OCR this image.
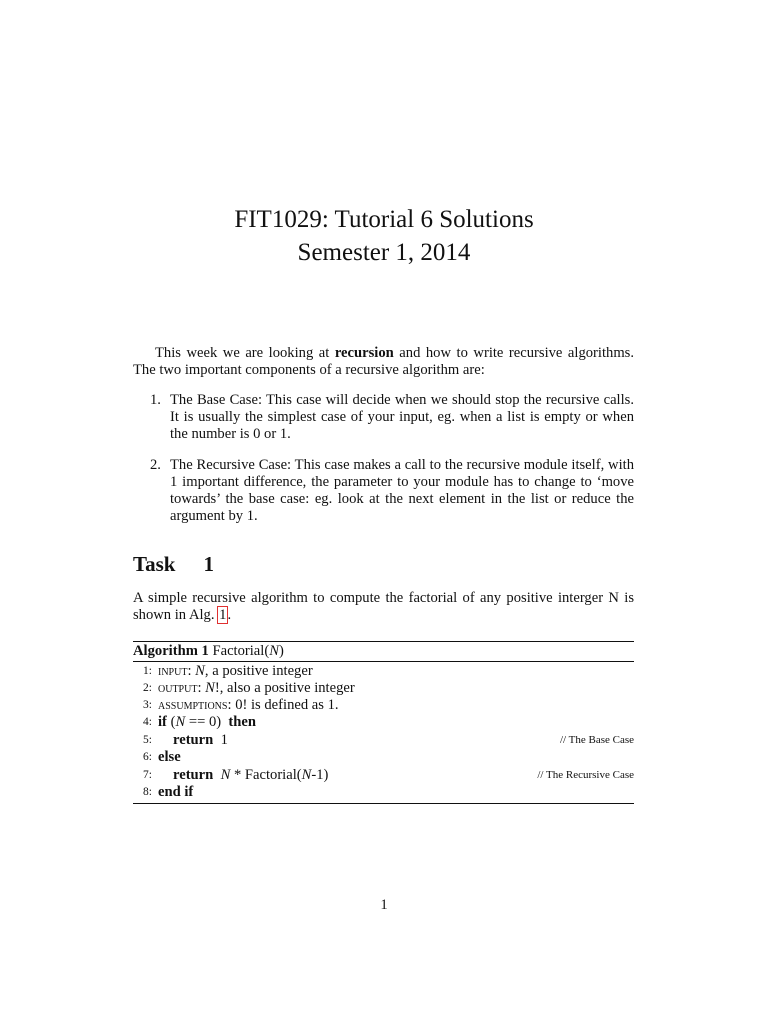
FIT1029: Tutorial 6 Solutions
Semester 1, 2014
This week we are looking at recursion and how to write recursive algorithms. The two important components of a recursive algorithm are:
1. The Base Case: This case will decide when we should stop the recursive calls. It is usually the simplest case of your input, eg. when a list is empty or when the number is 0 or 1.
2. The Recursive Case: This case makes a call to the recursive module itself, with 1 important difference, the parameter to your module has to change to ‘move towards’ the base case: eg. look at the next element in the list or reduce the argument by 1.
Task 1
A simple recursive algorithm to compute the factorial of any positive interger N is shown in Alg. 1.
Algorithm 1 Factorial(N)
1: input: N, a positive integer
2: output: N!, also a positive integer
3: assumptions: 0! is defined as 1.
4: if (N == 0) then
5: return 1	// The Base Case
6: else
7: return N * Factorial(N-1)	// The Recursive Case
8: end if
1
